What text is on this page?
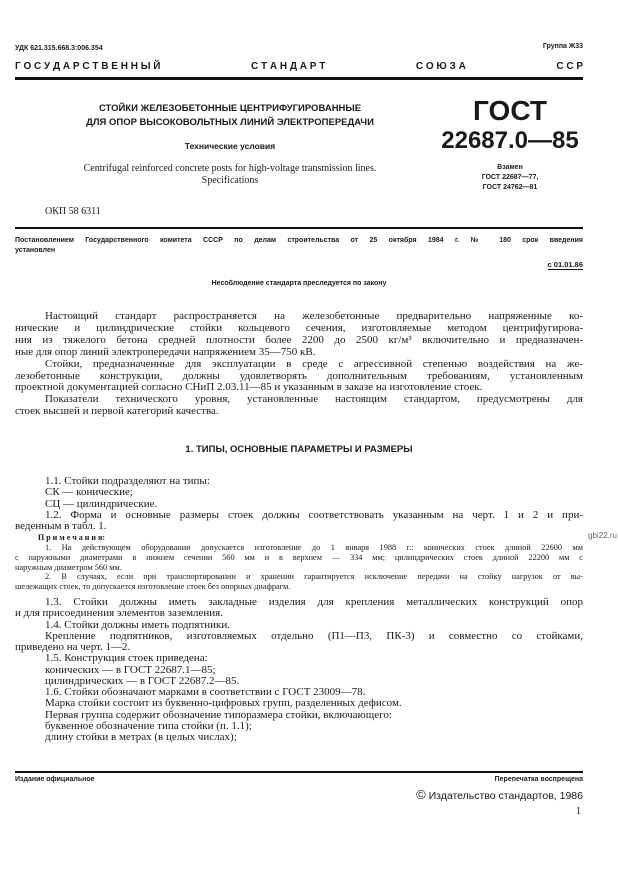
УДК 621.315.668.3:006.354	Группа Ж33
Г О С У Д А Р С Т В Е Н Н Ы Й	С Т А Н Д А Р Т	С О Ю З А	С С Р
СТОЙКИ ЖЕЛЕЗОБЕТОННЫЕ ЦЕНТРИФУГИРОВАННЫЕ
ДЛЯ ОПОР ВЫСОКОВОЛЬТНЫХ ЛИНИЙ ЭЛЕКТРОПЕРЕДАЧИ
Технические условия
Centrifugal reinforced concrete posts for high-voltage transmission lines.
Specifications
ГОСТ
22687.0—85
Взамен
ГОСТ 22687—77,
ГОСТ 24762—81
ОКП 58 6311
Постановлением Государственного комитета СССР по делам строительства от 25 октября 1984 г. № 180 срок введения
установлен
с 01.01.86
Несоблюдение стандарта преследуется по закону
Настоящий стандарт распространяется на железобетонные предварительно напряженные ко-
нические и цилиндрические стойки кольцевого сечения, изготовляемые методом центрифугирова-
ния из тяжелого бетона средней плотности более 2200 до 2500 кг/м³ включительно и предназначен-
ные для опор линий электропередачи напряжением 35—750 кВ.
Стойки, предназначенные для эксплуатации в среде с агрессивной степенью воздействия на же-
лезобетонные конструкции, должны удовлетворять дополнительным требованиям, установленным
проектной документацией согласно СНиП 2.03.11—85 и указанным в заказе на изготовление стоек.
Показатели технического уровня, установленные настоящим стандартом, предусмотрены для
стоек высшей и первой категорий качества.
1. ТИПЫ, ОСНОВНЫЕ ПАРАМЕТРЫ И РАЗМЕРЫ
1.1. Стойки подразделяют на типы:
СК — конические;
СЦ — цилиндрические.
1.2. Форма и основные размеры стоек должны соответствовать указанным на черт. 1 и 2 и при-
веденным в табл. 1.
П р и м е ч а н и я:
1. На действующем оборудовании допускается изготовление до 1 января 1988 г.: конических стоек длиной 22600 мм
с наружными диаметрами в нижнем сечении 560 мм и в верхнем — 334 мм; цилиндрических стоек длиной 22200 мм с
наружным диаметром 560 мм.
2. В случаях, если при транспортировании и хранении гарантируется исключение передачи на стойку нагрузок от вы-
шележащих стоек, то допускается изготовление стоек без опорных диафрагм.
1.3. Стойки должны иметь закладные изделия для крепления металлических конструкций опор
и для присоединения элементов заземления.
1.4. Стойки должны иметь подпятники.
Крепление подпятников, изготовляемых отдельно (П1—П3, ПК-3) и совместно со стойками,
приведено на черт. 1—2.
1.5. Конструкция стоек приведена:
конических — в ГОСТ 22687.1—85;
цилиндрических — в ГОСТ 22687.2—85.
1.6. Стойки обозначают марками в соответствии с ГОСТ 23009—78.
Марка стойки состоит из буквенно-цифровых групп, разделенных дефисом.
Первая группа содержит обозначение типоразмера стойки, включающего:
буквенное обозначение типа стойки (п. 1.1);
длину стойки в метрах (в целых числах);
Издание официальное	Перепечатка воспрещена
© Издательство стандартов, 1986
1
gbi22.ru
